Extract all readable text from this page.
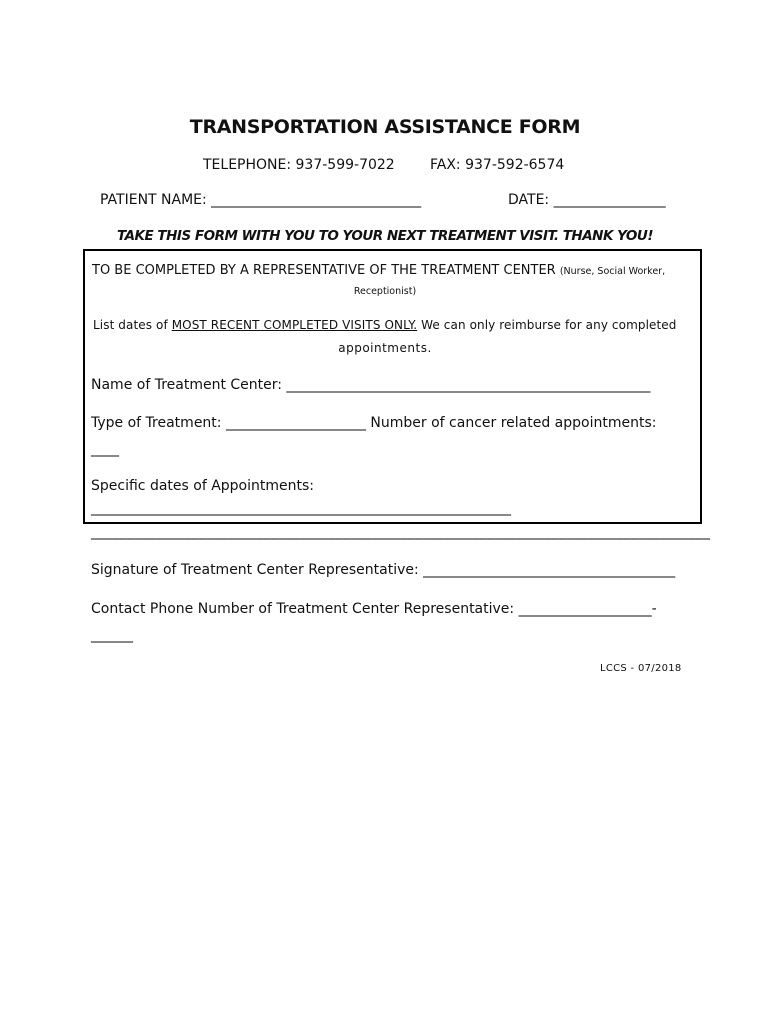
TRANSPORTATION ASSISTANCE FORM
TELEPHONE: 937-599-7022	FAX: 937-592-6574
PATIENT NAME: ______________________________	DATE: ________________
TAKE THIS FORM WITH YOU TO YOUR NEXT TREATMENT VISIT. THANK YOU!
TO BE COMPLETED BY A REPRESENTATIVE OF THE TREATMENT CENTER (Nurse, Social Worker,
Receptionist)
List dates of MOST RECENT COMPLETED VISITS ONLY. We can only reimburse for any completed
appointments.
Name of Treatment Center: ____________________________________________________
Type of Treatment: ____________________ Number of cancer related appointments:
____
Specific dates of Appointments:
____________________________________________________________
______________________________________________________________________________________
Signature of Treatment Center Representative: ____________________________________
Contact Phone Number of Treatment Center Representative: ___________________-
______
LCCS - 07/2018
